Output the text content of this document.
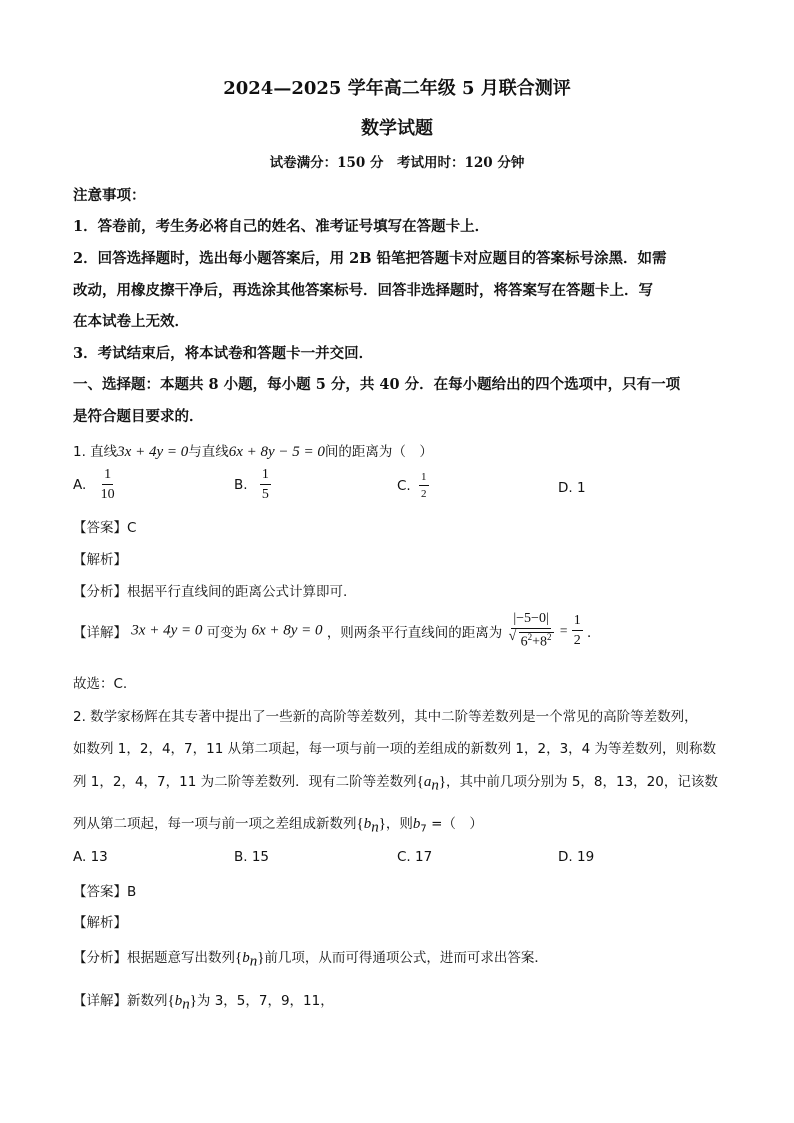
2024—2025 学年高二年级 5 月联合测评
数学试题
试卷满分：150 分　考试用时：120 分钟
注意事项：
1．答卷前，考生务必将自己的姓名、准考证号填写在答题卡上．
2．回答选择题时，选出每小题答案后，用 2B 铅笔把答题卡对应题目的答案标号涂黑．如需
改动，用橡皮擦干净后，再选涂其他答案标号．回答非选择题时，将答案写在答题卡上．写
在本试卷上无效．
3．考试结束后，将本试卷和答题卡一并交回．
一、选择题：本题共 8 小题，每小题 5 分，共 40 分．在每小题给出的四个选项中，只有一项
是符合题目要求的．
1. 直线3x + 4y = 0与直线6x + 8y − 5 = 0间的距离为（　）
A. $\frac{1}{10}$	B. $\frac{1}{5}$	C. $\frac{1}{2}$	D. 1
【答案】C
【解析】
【分析】根据平行直线间的距离公式计算即可.
【详解】 3x + 4y = 0 可变为 6x + 8y = 0 ，则两条平行直线间的距离为 |−5−0|
√ $6^2+8^2 = \frac{1}{2}$ ．
故选：C.
2. 数学家杨辉在其专著中提出了一些新的高阶等差数列，其中二阶等差数列是一个常见的高阶等差数列，
如数列 1，2，4，7，11 从第二项起，每一项与前一项的差组成的新数列 1，2，3，4 为等差数列，则称数
列 1，2，4，7，11 为二阶等差数列．现有二阶等差数列$\{a_n\}$，其中前几项分别为 5，8，13，20，记该数
列从第二项起，每一项与前一项之差组成新数列$\{b_n\}$，则$b_7$ =（　）
A. 13	B. 15	C. 17	D. 19
【答案】B
【解析】
【分析】根据题意写出数列$\{b_n\}$前几项，从而可得通项公式，进而可求出答案．
【详解】新数列$\{b_n\}$为 3，5，7，9，11，
